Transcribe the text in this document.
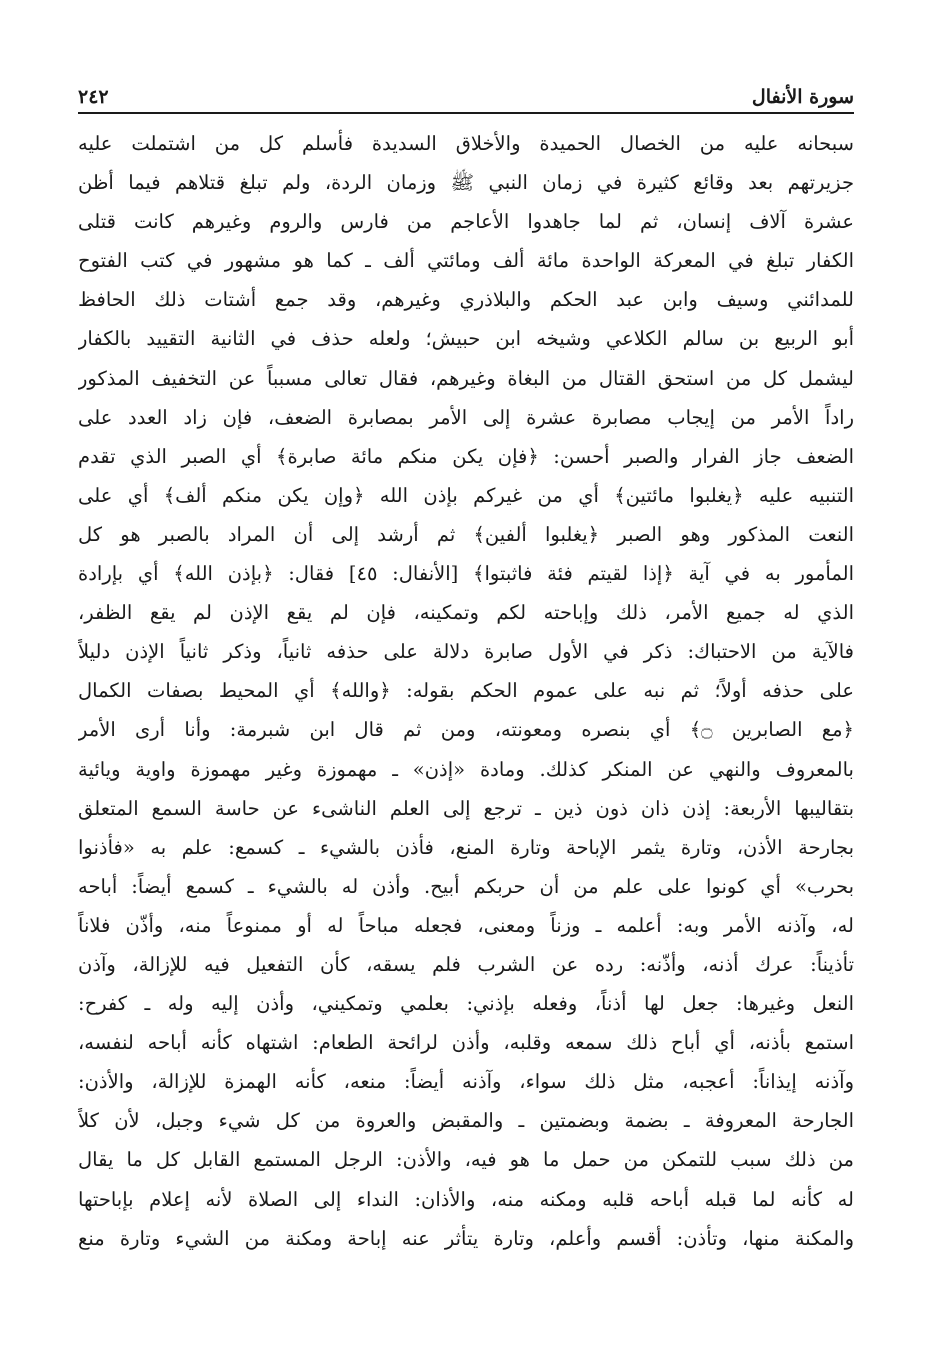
سورة الأنفال
٢٤٢
سبحانه عليه من الخصال الحميدة والأخلاق السديدة فأسلم كل من اشتملت عليه
جزيرتهم بعد وقائع كثيرة في زمان النبي ﷺ وزمان الردة، ولم تبلغ قتلاهم فيما أظن
عشرة آلاف إنسان، ثم لما جاهدوا الأعاجم من فارس والروم وغيرهم كانت قتلى
الكفار تبلغ في المعركة الواحدة مائة ألف ومائتي ألف ـ كما هو مشهور في كتب الفتوح
للمدائني وسيف وابن عبد الحكم والبلاذري وغيرهم، وقد جمع أشتات ذلك الحافظ
أبو الربيع بن سالم الكلاعي وشيخه ابن حبيش؛ ولعله حذف في الثانية التقييد بالكفار
ليشمل كل من استحق القتال من البغاة وغيرهم، فقال تعالى مسبباً عن التخفيف المذكور
راداً الأمر من إيجاب مصابرة عشرة إلى الأمر بمصابرة الضعف، فإن زاد العدد على
الضعف جاز الفرار والصبر أحسن: ﴿فإن يكن منكم مائة صابرة﴾ أي الصبر الذي تقدم
التنبيه عليه ﴿يغلبوا مائتين﴾ أي من غيركم بإذن الله ﴿وإن يكن منكم ألف﴾ أي على
النعت المذكور وهو الصبر ﴿يغلبوا ألفين﴾ ثم أرشد إلى أن المراد بالصبر هو كل
المأمور به في آية ﴿إذا لقيتم فئة فاثبتوا﴾ [الأنفال: ٤٥] فقال: ﴿بإذن الله﴾ أي بإرادة
الذي له جميع الأمر، ذلك وإباحته لكم وتمكينه، فإن لم يقع الإذن لم يقع الظفر،
فالآية من الاحتباك: ذكر في الأول صابرة دلالة على حذفه ثانياً، وذكر ثانياً الإذن دليلاً
على حذفه أولاً؛ ثم نبه على عموم الحكم بقوله: ﴿والله﴾ أي المحيط بصفات الكمال
﴿مع الصابرين ۝﴾ أي بنصره ومعونته، ومن ثم قال ابن شبرمة: وأنا أرى الأمر
بالمعروف والنهي عن المنكر كذلك. ومادة «إذن» ـ مهموزة وغير مهموزة واوية ويائية
بتقاليبها الأربعة: إذن ذان ذون ذين ـ ترجع إلى العلم الناشىء عن حاسة السمع المتعلق
بجارحة الأذن، وتارة يثمر الإباحة وتارة المنع، فأذن بالشيء ـ كسمع: علم به «فأذنوا
بحرب» أي كونوا على علم من أن حربكم أبيح. وأذن له بالشيء ـ كسمع أيضاً: أباحه
له، وآذنه الأمر وبه: أعلمه ـ وزناً ومعنى، فجعله مباحاً له أو ممنوعاً منه، وأذّن فلاناً
تأذيناً: عرك أذنه، وأذّنه: رده عن الشرب فلم يسقه، كأن التفعيل فيه للإزالة، وآذن
النعل وغيرها: جعل لها أذناً، وفعله بإذني: بعلمي وتمكيني، وأذن إليه وله ـ كفرح:
استمع بأذنه، أي أباح ذلك سمعه وقلبه، وأذن لرائحة الطعام: اشتهاه كأنه أباحه لنفسه،
وآذنه إيذاناً: أعجبه، مثل ذلك سواء، وآذنه أيضاً: منعه، كأنه الهمزة للإزالة، والأذن:
الجارحة المعروفة ـ بضمة وبضمتين ـ والمقبض والعروة من كل شيء وجبل، لأن كلاً
من ذلك سبب للتمكن من حمل ما هو فيه، والأذن: الرجل المستمع القابل كل ما يقال
له كأنه لما قبله أباحه قلبه ومكنه منه، والأذان: النداء إلى الصلاة لأنه إعلام بإباحتها
والمكنة منها، وتأذن: أقسم وأعلم، وتارة يتأثر عنه إباحة ومكنة من الشيء وتارة منع
